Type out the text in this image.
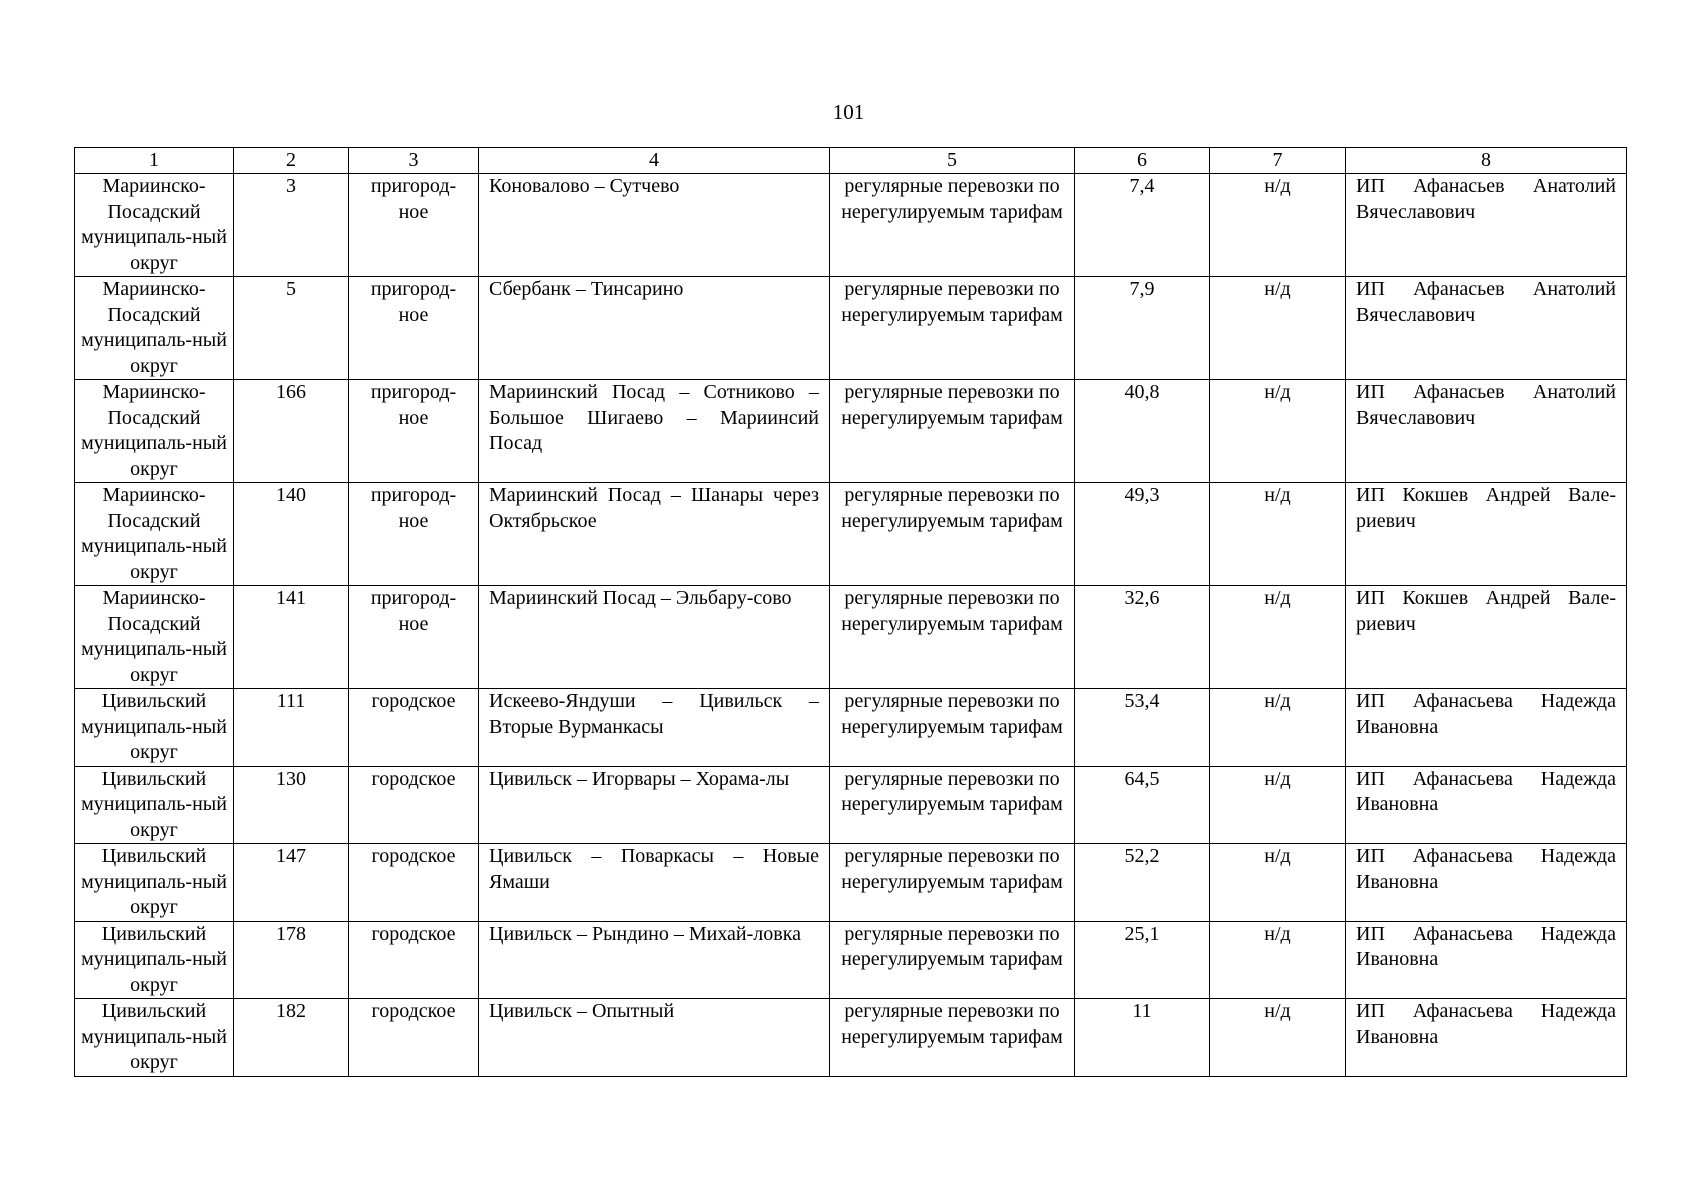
101
1	2	3	4	5	6	7	8
Мариинско-Посадский муниципаль-ный округ	3	пригород-ное	Коновалово – Сутчево	регулярные перевозки по нерегулируемым тарифам	7,4	н/д	ИП Афанасьев Анатолий Вячеславович
Мариинско-Посадский муниципаль-ный округ	5	пригород-ное	Сбербанк – Тинсарино	регулярные перевозки по нерегулируемым тарифам	7,9	н/д	ИП Афанасьев Анатолий Вячеславович
Мариинско-Посадский муниципаль-ный округ	166	пригород-ное	Мариинский Посад – Сотниково – Большое Шигаево – Мариинсий Посад	регулярные перевозки по нерегулируемым тарифам	40,8	н/д	ИП Афанасьев Анатолий Вячеславович
Мариинско-Посадский муниципаль-ный округ	140	пригород-ное	Мариинский Посад – Шанары через Октябрьское	регулярные перевозки по нерегулируемым тарифам	49,3	н/д	ИП Кокшев Андрей Вале-риевич
Мариинско-Посадский муниципаль-ный округ	141	пригород-ное	Мариинский Посад – Эльбару-сово	регулярные перевозки по нерегулируемым тарифам	32,6	н/д	ИП Кокшев Андрей Вале-риевич
Цивильский муниципаль-ный округ	111	городское	Искеево-Яндуши – Цивильск – Вторые Вурманкасы	регулярные перевозки по нерегулируемым тарифам	53,4	н/д	ИП Афанасьева Надежда Ивановна
Цивильский муниципаль-ный округ	130	городское	Цивильск – Игорвары – Хорама-лы	регулярные перевозки по нерегулируемым тарифам	64,5	н/д	ИП Афанасьева Надежда Ивановна
Цивильский муниципаль-ный округ	147	городское	Цивильск – Поваркасы – Новые Ямаши	регулярные перевозки по нерегулируемым тарифам	52,2	н/д	ИП Афанасьева Надежда Ивановна
Цивильский муниципаль-ный округ	178	городское	Цивильск – Рындино – Михай-ловка	регулярные перевозки по нерегулируемым тарифам	25,1	н/д	ИП Афанасьева Надежда Ивановна
Цивильский муниципаль-ный округ	182	городское	Цивильск – Опытный	регулярные перевозки по нерегулируемым тарифам	11	н/д	ИП Афанасьева Надежда Ивановна
